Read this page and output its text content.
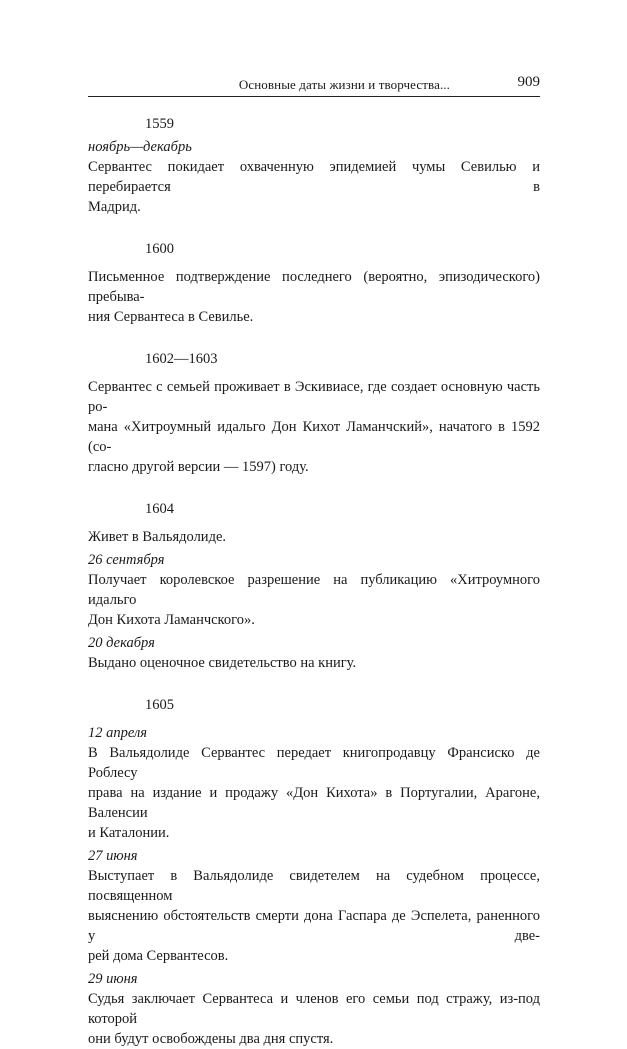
Основные даты жизни и творчества...	909
1559
ноябрь—декабрь
Сервантес покидает охваченную эпидемией чумы Севилью и перебирается в
Мадрид.
1600
Письменное подтверждение последнего (вероятно, эпизодического) пребыва-
ния Сервантеса в Севилье.
1602—1603
Сервантес с семьей проживает в Эскивиасе, где создает основную часть ро-
мана «Хитроумный идальго Дон Кихот Ламанчский», начатого в 1592 (со-
гласно другой версии — 1597) году.
1604
Живет в Вальядолиде.
26 сентября
Получает королевское разрешение на публикацию «Хитроумного идальго
Дон Кихота Ламанчского».
20 декабря
Выдано оценочное свидетельство на книгу.
1605
12 апреля
В Вальядолиде Сервантес передает книгопродавцу Франсиско де Роблесу
права на издание и продажу «Дон Кихота» в Португалии, Арагоне, Валенсии
и Каталонии.
27 июня
Выступает в Вальядолиде свидетелем на судебном процессе, посвященном
выяснению обстоятельств смерти дона Гаспара де Эспелета, раненного у две-
рей дома Сервантесов.
29 июня
Судья заключает Сервантеса и членов его семьи под стражу, из-под которой
они будут освобождены два дня спустя.
